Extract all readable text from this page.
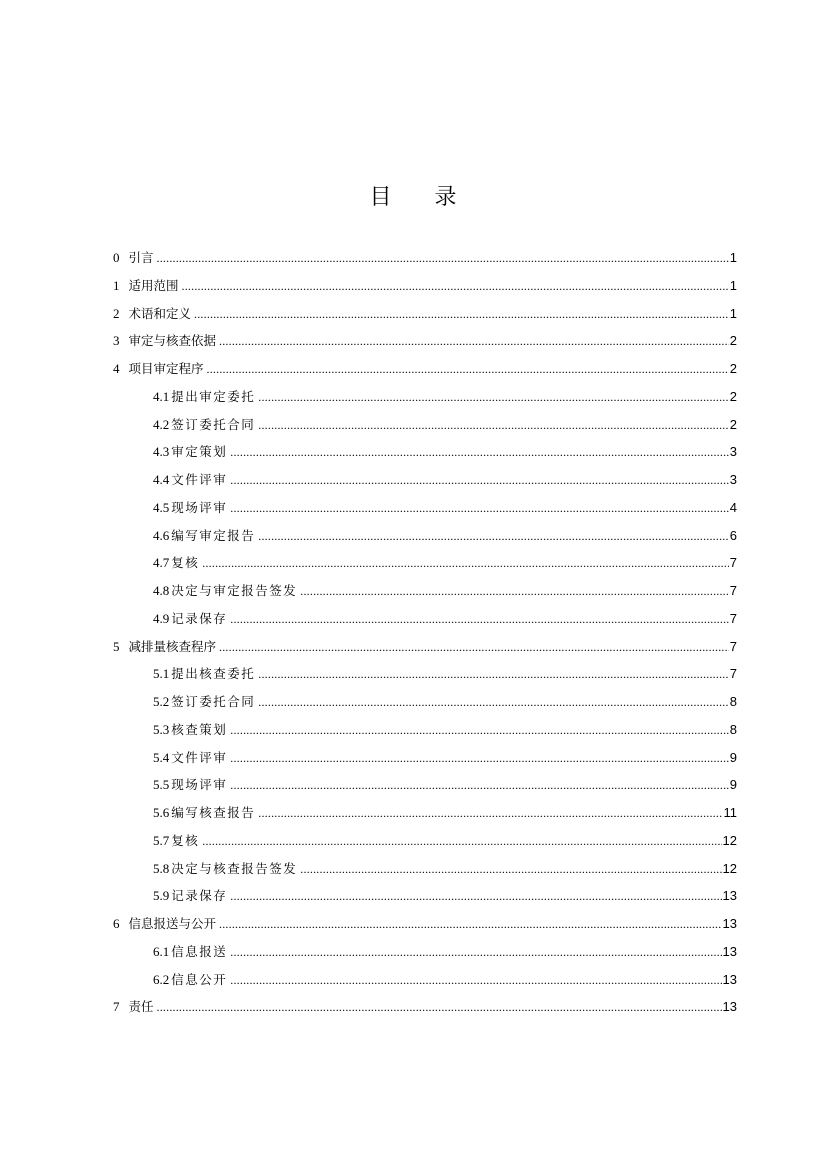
目 录
0 引言 .....	1
1 适用范围 .....	1
2 术语和定义 .....	1
3 审定与核查依据 .....	2
4 项目审定程序 .....	2
4.1 提出审定委托 .....	2
4.2 签订委托合同 .....	2
4.3 审定策划 .....	3
4.4 文件评审 .....	3
4.5 现场评审 .....	4
4.6 编写审定报告 .....	6
4.7 复核 .....	7
4.8 决定与审定报告签发 .....	7
4.9 记录保存 .....	7
5 减排量核查程序 .....	7
5.1 提出核查委托 .....	7
5.2 签订委托合同 .....	8
5.3 核查策划 .....	8
5.4 文件评审 .....	9
5.5 现场评审 .....	9
5.6 编写核查报告 .....	11
5.7 复核 .....	12
5.8 决定与核查报告签发 .....	12
5.9 记录保存 .....	13
6 信息报送与公开 .....	13
6.1 信息报送 .....	13
6.2 信息公开 .....	13
7 责任 .....	13
